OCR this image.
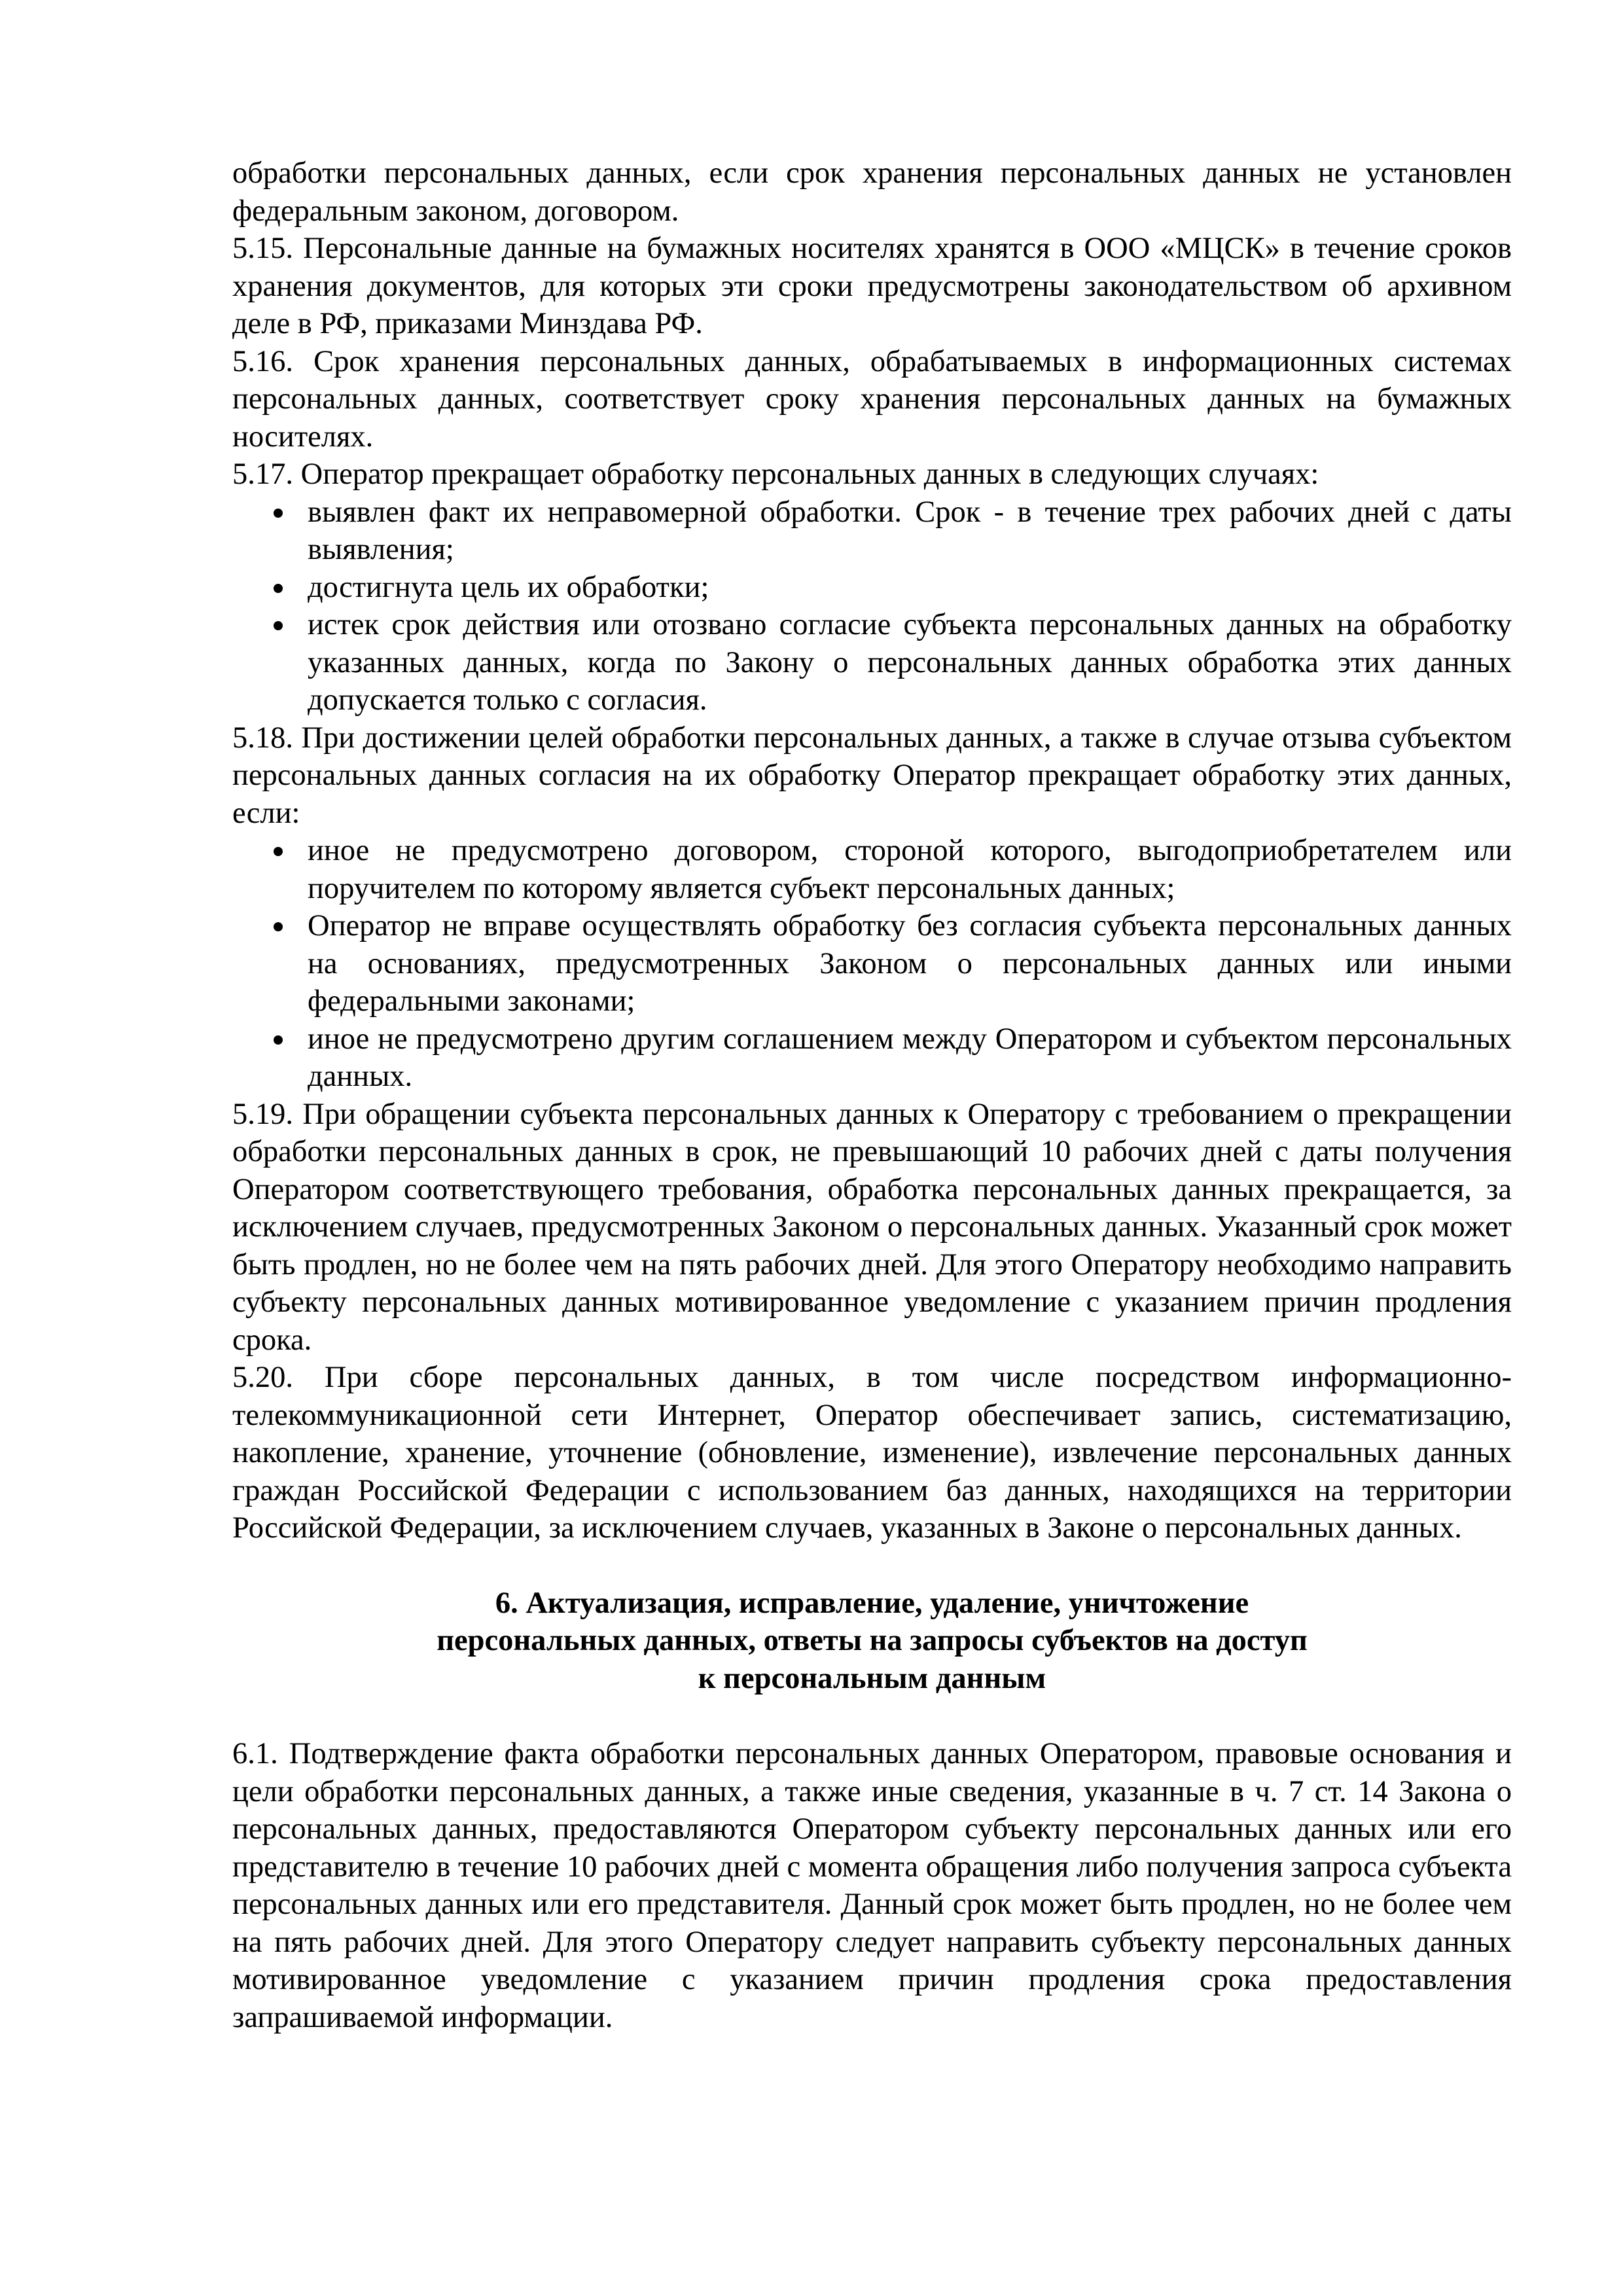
обработки персональных данных, если срок хранения персональных данных не установлен федеральным законом, договором.

5.15. Персональные данные на бумажных носителях хранятся в ООО «МЦСК» в течение сроков хранения документов, для которых эти сроки предусмотрены законодательством об архивном деле в РФ, приказами Минздава РФ.

5.16. Срок хранения персональных данных, обрабатываемых в информационных системах персональных данных, соответствует сроку хранения персональных данных на бумажных носителях.

5.17. Оператор прекращает обработку персональных данных в следующих случаях:

выявлен факт их неправомерной обработки. Срок - в течение трех рабочих дней с даты выявления;
достигнута цель их обработки;
истек срок действия или отозвано согласие субъекта персональных данных на обработку указанных данных, когда по Закону о персональных данных обработка этих данных допускается только с согласия.

5.18. При достижении целей обработки персональных данных, а также в случае отзыва субъектом персональных данных согласия на их обработку Оператор прекращает обработку этих данных, если:

иное не предусмотрено договором, стороной которого, выгодоприобретателем или поручителем по которому является субъект персональных данных;
Оператор не вправе осуществлять обработку без согласия субъекта персональных данных на основаниях, предусмотренных Законом о персональных данных или иными федеральными законами;
иное не предусмотрено другим соглашением между Оператором и субъектом персональных данных.

5.19. При обращении субъекта персональных данных к Оператору с требованием о прекращении обработки персональных данных в срок, не превышающий 10 рабочих дней с даты получения Оператором соответствующего требования, обработка персональных данных прекращается, за исключением случаев, предусмотренных Законом о персональных данных. Указанный срок может быть продлен, но не более чем на пять рабочих дней. Для этого Оператору необходимо направить субъекту персональных данных мотивированное уведомление с указанием причин продления срока.

5.20. При сборе персональных данных, в том числе посредством информационно-телекоммуникационной сети Интернет, Оператор обеспечивает запись, систематизацию, накопление, хранение, уточнение (обновление, изменение), извлечение персональных данных граждан Российской Федерации с использованием баз данных, находящихся на территории Российской Федерации, за исключением случаев, указанных в Законе о персональных данных.

6. Актуализация, исправление, удаление, уничтожение
персональных данных, ответы на запросы субъектов на доступ
к персональным данным

6.1. Подтверждение факта обработки персональных данных Оператором, правовые основания и цели обработки персональных данных, а также иные сведения, указанные в ч. 7 ст. 14 Закона о персональных данных, предоставляются Оператором субъекту персональных данных или его представителю в течение 10 рабочих дней с момента обращения либо получения запроса субъекта персональных данных или его представителя. Данный срок может быть продлен, но не более чем на пять рабочих дней. Для этого Оператору следует направить субъекту персональных данных мотивированное уведомление с указанием причин продления срока предоставления запрашиваемой информации.
